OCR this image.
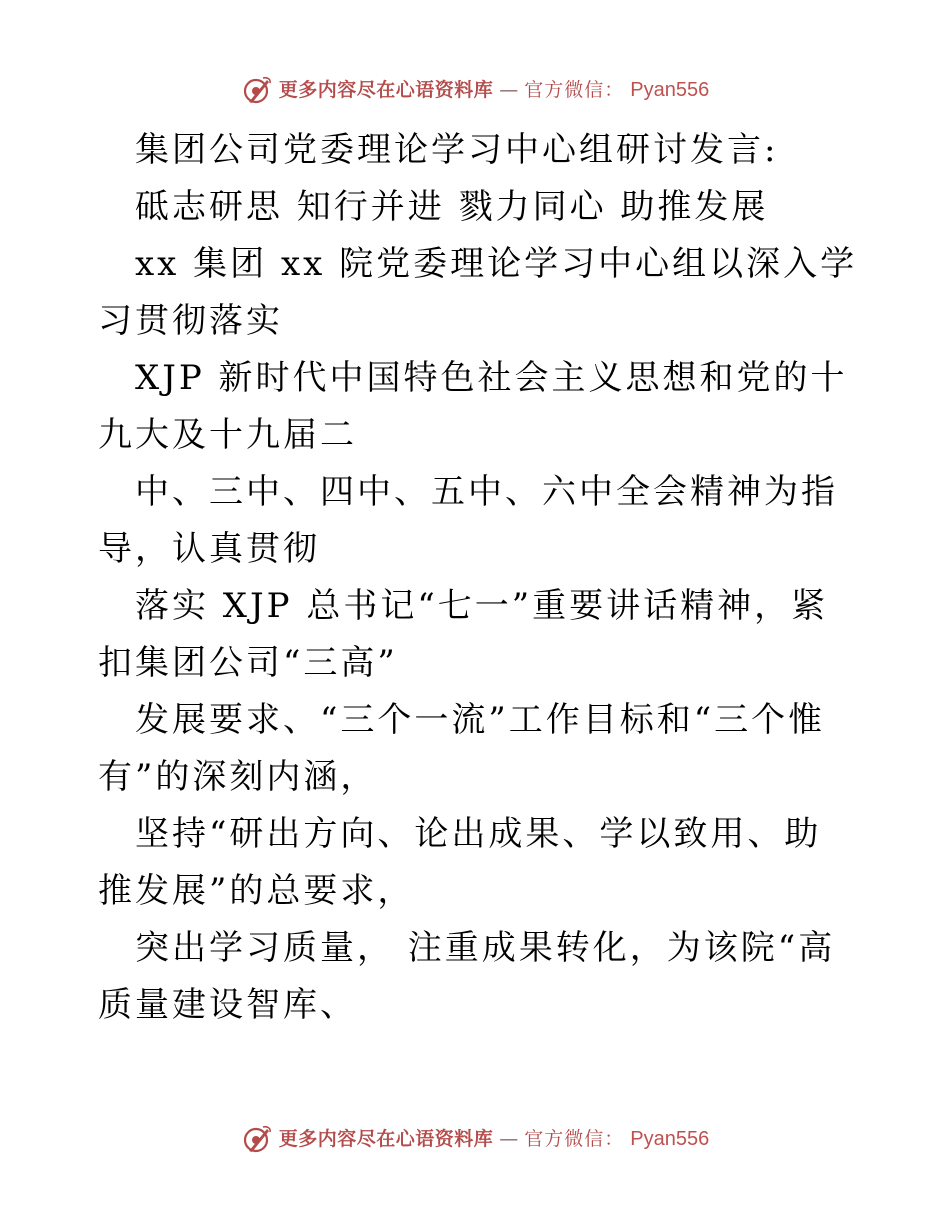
更多内容尽在心语资料库 — 官方微信： Pyan556

集团公司党委理论学习中心组研讨发言:

砥志研思 知行并进 戮力同心 助推发展

xx 集团 xx 院党委理论学习中心组以深入学习贯彻落实

XJP 新时代中国特色社会主义思想和党的十九大及十九届二

中、三中、四中、五中、六中全会精神为指导，认真贯彻

落实 XJP 总书记“七一”重要讲话精神，紧扣集团公司“三高”

发展要求、“三个一流”工作目标和“三个惟有”的深刻内涵，

坚持“研出方向、论出成果、学以致用、助推发展”的总要求，

突出学习质量， 注重成果转化，为该院“高质量建设智库、

更多内容尽在心语资料库 — 官方微信： Pyan556
